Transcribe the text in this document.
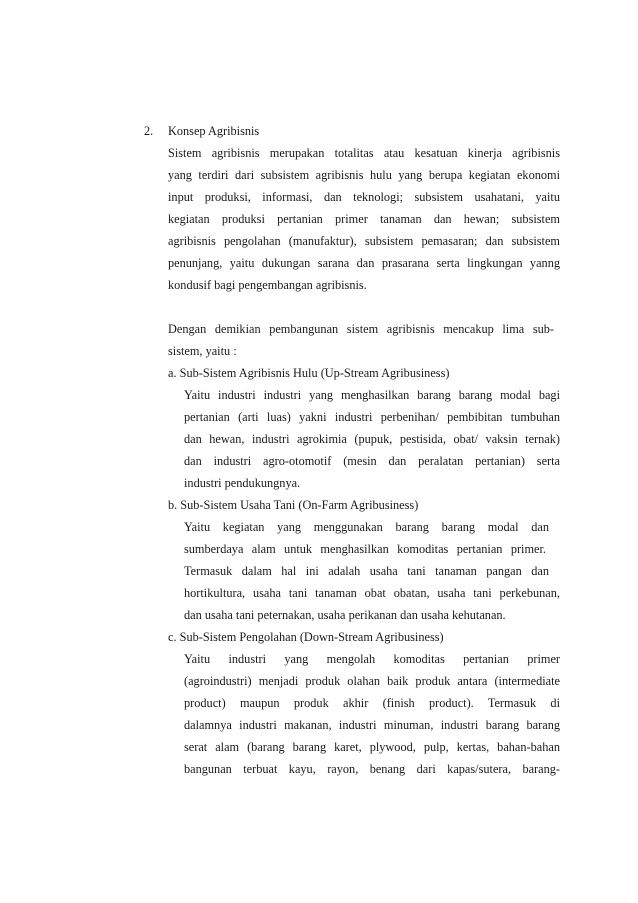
2. Konsep Agribisnis
Sistem agribisnis merupakan totalitas atau kesatuan kinerja agribisnis
yang terdiri dari subsistem agribisnis hulu yang berupa kegiatan ekonomi
input produksi, informasi, dan teknologi; subsistem usahatani, yaitu
kegiatan produksi pertanian primer tanaman dan hewan; subsistem
agribisnis pengolahan (manufaktur), subsistem pemasaran; dan subsistem
penunjang, yaitu dukungan sarana dan prasarana serta lingkungan yanng
kondusif bagi pengembangan agribisnis.
Dengan demikian pembangunan sistem agribisnis mencakup lima sub-
sistem, yaitu :
a. Sub-Sistem Agribisnis Hulu (Up-Stream Agribusiness)
Yaitu industri industri yang menghasilkan barang barang modal bagi
pertanian (arti luas) yakni industri perbenihan/ pembibitan tumbuhan
dan hewan, industri agrokimia (pupuk, pestisida, obat/ vaksin ternak)
dan industri agro-otomotif (mesin dan peralatan pertanian) serta
industri pendukungnya.
b. Sub-Sistem Usaha Tani (On-Farm Agribusiness)
Yaitu kegiatan yang menggunakan barang barang modal dan
sumberdaya alam untuk menghasilkan komoditas pertanian primer.
Termasuk dalam hal ini adalah usaha tani tanaman pangan dan
hortikultura, usaha tani tanaman obat obatan, usaha tani perkebunan,
dan usaha tani peternakan, usaha perikanan dan usaha kehutanan.
c. Sub-Sistem Pengolahan (Down-Stream Agribusiness)
Yaitu industri yang mengolah komoditas pertanian primer
(agroindustri) menjadi produk olahan baik produk antara (intermediate
product) maupun produk akhir (finish product). Termasuk di
dalamnya industri makanan, industri minuman, industri barang barang
serat alam (barang barang karet, plywood, pulp, kertas, bahan-bahan
bangunan terbuat kayu, rayon, benang dari kapas/sutera, barang-
